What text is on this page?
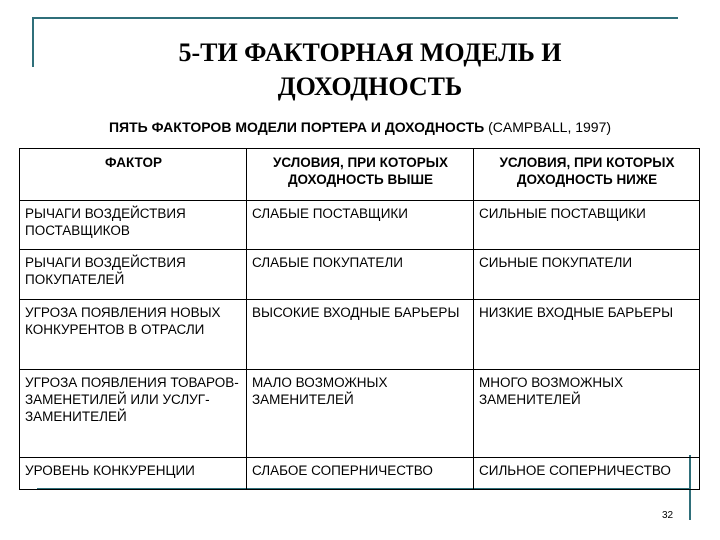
5-ТИ ФАКТОРНАЯ МОДЕЛЬ И
ДОХОДНОСТЬ

ПЯТЬ ФАКТОРОВ МОДЕЛИ ПОРТЕРА И ДОХОДНОСТЬ (CAMPBALL, 1997)

ФАКТОР	УСЛОВИЯ, ПРИ КОТОРЫХ ДОХОДНОСТЬ ВЫШЕ	УСЛОВИЯ, ПРИ КОТОРЫХ ДОХОДНОСТЬ НИЖЕ
РЫЧАГИ ВОЗДЕЙСТВИЯ ПОСТАВЩИКОВ	СЛАБЫЕ ПОСТАВЩИКИ	СИЛЬНЫЕ ПОСТАВЩИКИ
РЫЧАГИ ВОЗДЕЙСТВИЯ ПОКУПАТЕЛЕЙ	СЛАБЫЕ ПОКУПАТЕЛИ	СИЬНЫЕ ПОКУПАТЕЛИ
УГРОЗА ПОЯВЛЕНИЯ НОВЫХ КОНКУРЕНТОВ В ОТРАСЛИ	ВЫСОКИЕ ВХОДНЫЕ БАРЬЕРЫ	НИЗКИЕ ВХОДНЫЕ БАРЬЕРЫ
УГРОЗА ПОЯВЛЕНИЯ ТОВАРОВ-ЗАМЕНЕТИЛЕЙ ИЛИ УСЛУГ-ЗАМЕНИТЕЛЕЙ	МАЛО ВОЗМОЖНЫХ ЗАМЕНИТЕЛЕЙ	МНОГО ВОЗМОЖНЫХ ЗАМЕНИТЕЛЕЙ
УРОВЕНЬ КОНКУРЕНЦИИ	СЛАБОЕ СОПЕРНИЧЕСТВО	СИЛЬНОЕ СОПЕРНИЧЕСТВО
32
